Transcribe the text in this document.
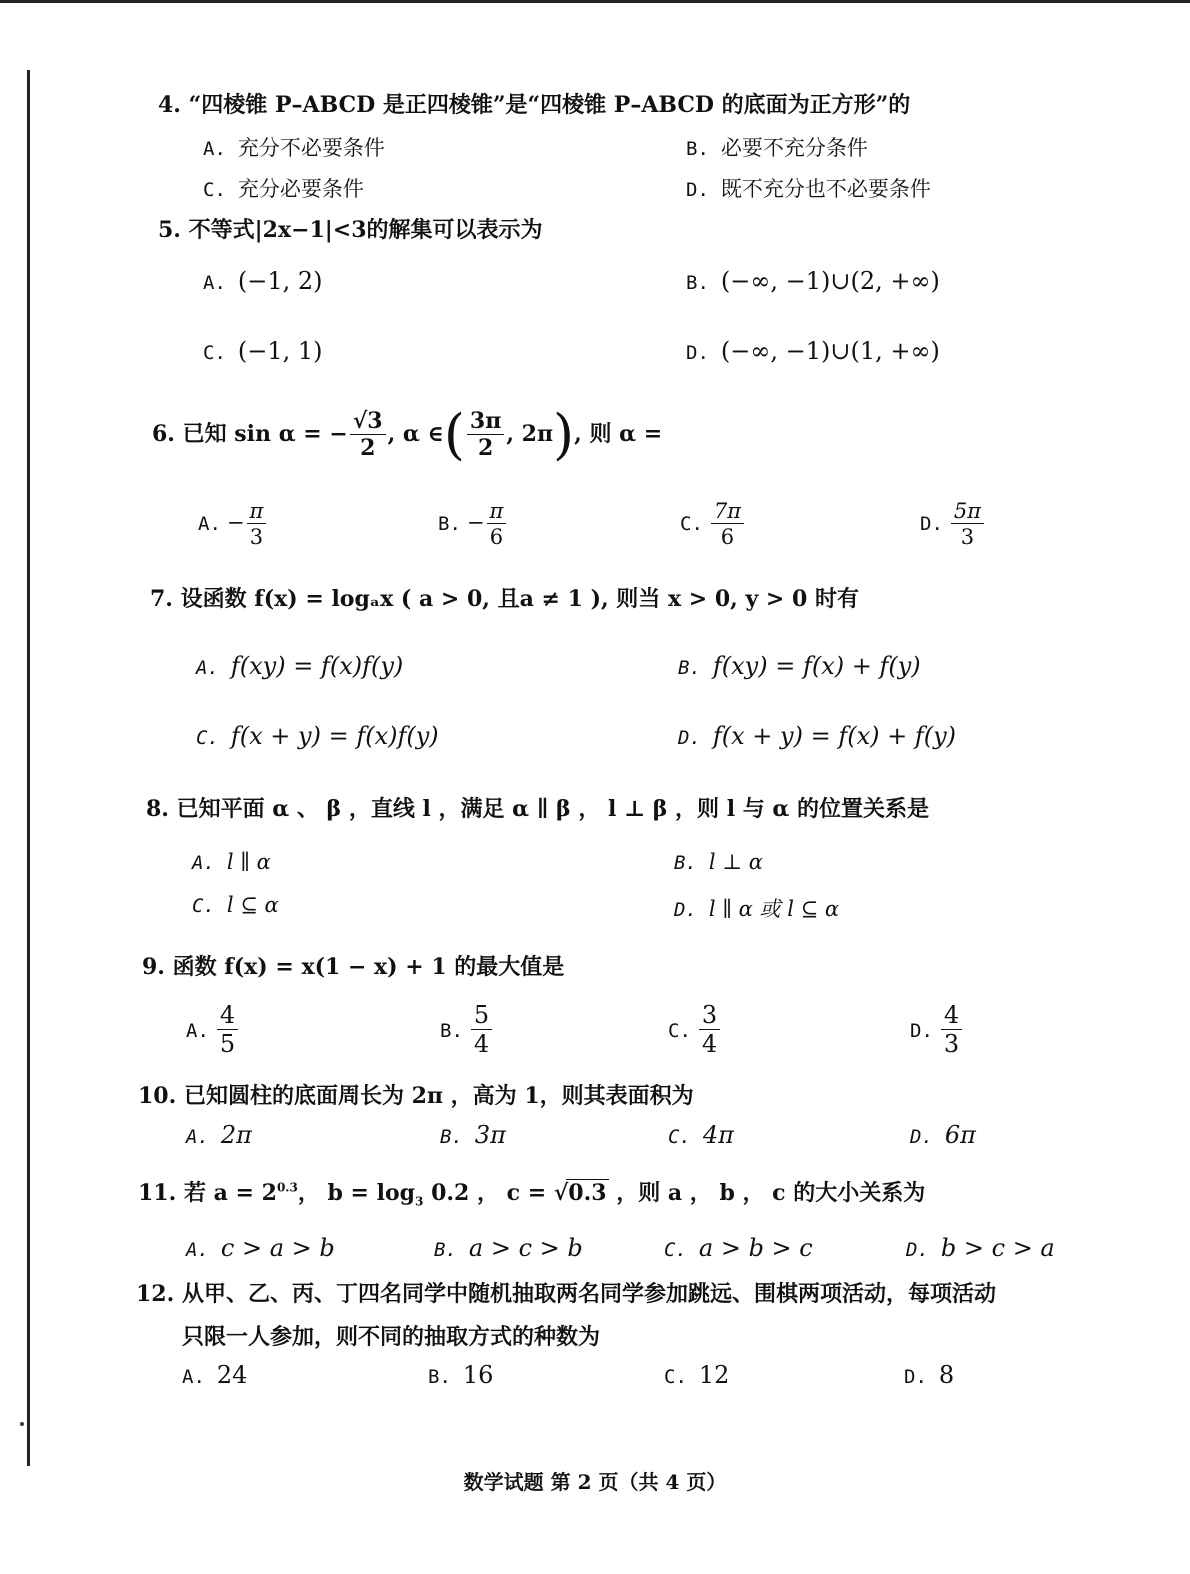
4. “四棱锥 P–ABCD 是正四棱锥”是“四棱锥 P–ABCD 的底面为正方形”的
A. 充分不必要条件	B. 必要不充分条件
C. 充分必要条件	D. 既不充分也不必要条件
5. 不等式|2x−1|<3的解集可以表示为
A. (−1, 2)	B. (−∞, −1)∪(2, +∞)
C. (−1, 1)	D. (−∞, −1)∪(1, +∞)
6. 已知 sin α = − $\frac{√3}{2}$ , α ∈( $\frac{3\pi}{2}$ , 2π), 则 α =
A. − $\frac{\pi}{3}$	B. − $\frac{\pi}{6}$	C. $\frac{7\pi}{6}$	D. $\frac{5\pi}{3}$
7. 设函数 f(x) = logₐx ( a > 0, 且a ≠ 1 ), 则当 x > 0, y > 0 时有
A. f(xy) = f(x)f(y)	B. f(xy) = f(x) + f(y)
C. f(x + y) = f(x)f(y)	D. f(x + y) = f(x) + f(y)
8. 已知平面 α 、 β ，直线 l ，满足 α ∥ β ， l ⊥ β ，则 l 与 α 的位置关系是
A. l ∥ α	B. l ⊥ α
C. l ⊆ α	D. l ∥ α 或 l ⊆ α
9. 函数 f(x) = x(1 − x) + 1 的最大值是
A. $\frac{4}{5}$	B. $\frac{5}{4}$	C. $\frac{3}{4}$	D. $\frac{4}{3}$
10. 已知圆柱的底面周长为 2π ，高为 1，则其表面积为
A. 2π	B. 3π	C. 4π	D. 6π
11. 若 $a = 2^{0.3}$， $b = \log_3 0.2$ ， c = √0.3 ，则 a ， b ， c 的大小关系为
A. c > a > b	B. a > c > b	C. a > b > c	D. b > c > a
12. 从甲、乙、丙、丁四名同学中随机抽取两名同学参加跳远、围棋两项活动，每项活动
只限一人参加，则不同的抽取方式的种数为
A. 24	B. 16	C. 12	D. 8
数学试题 第 2 页（共 4 页）
